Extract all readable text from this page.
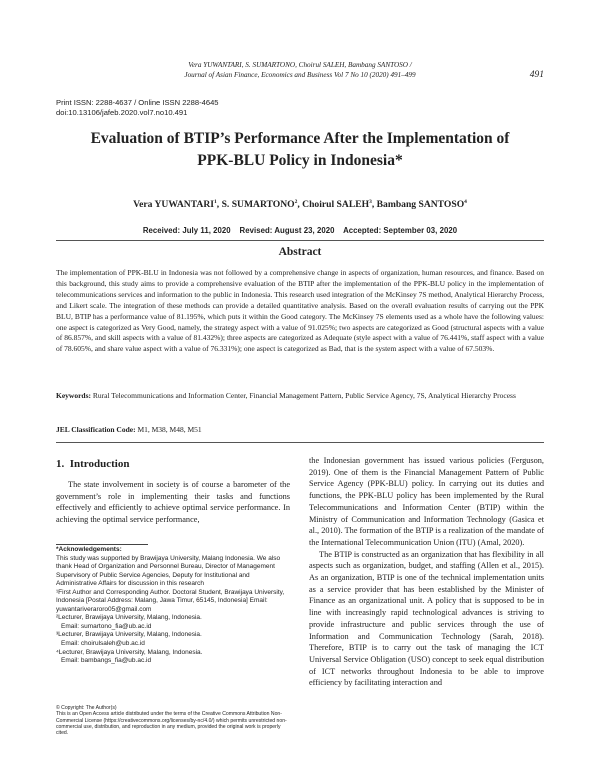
Vera YUWANTARI, S. SUMARTONO, Choirul SALEH, Bambang SANTOSO /
Journal of Asian Finance, Economics and Business Vol 7 No 10 (2020) 491–499	491
Print ISSN: 2288-4637 / Online ISSN 2288-4645
doi:10.13106/jafeb.2020.vol7.no10.491
Evaluation of BTIP’s Performance After the Implementation of
PPK-BLU Policy in Indonesia*
Vera YUWANTARI$^1$, S. SUMARTONO$^2$, Choirul SALEH$^3$, Bambang SANTOSO$^4$
Received: July 11, 2020    Revised: August 23, 2020    Accepted: September 03, 2020
Abstract
The implementation of PPK-BLU in Indonesia was not followed by a comprehensive change in aspects of organization, human resources, and finance. Based on this background, this study aims to provide a comprehensive evaluation of the BTIP after the implementation of the PPK-BLU policy in the implementation of telecommunications services and information to the public in Indonesia. This research used integration of the McKinsey 7S method, Analytical Hierarchy Process, and Likert scale. The integration of these methods can provide a detailed quantitative analysis. Based on the overall evaluation results of carrying out the PPK BLU, BTIP has a performance value of 81.195%, which puts it within the Good category. The McKinsey 7S elements used as a whole have the following values: one aspect is categorized as Very Good, namely, the strategy aspect with a value of 91.025%; two aspects are categorized as Good (structural aspects with a value of 86.857%, and skill aspects with a value of 81.432%); three aspects are categorized as Adequate (style aspect with a value of 76.441%, staff aspect with a value of 78.605%, and share value aspect with a value of 76.331%); one aspect is categorized as Bad, that is the system aspect with a value of 67.503%.
Keywords: Rural Telecommunications and Information Center, Financial Management Pattern, Public Service Agency, 7S, Analytical Hierarchy Process
JEL Classification Code: M1, M38, M48, M51
1.  Introduction
The state involvement in society is of course a barometer of the government’s role in implementing their tasks and functions effectively and efficiently to achieve optimal service performance. In achieving the optimal service performance,
*Acknowledgements:
This study was supported by Brawijaya University, Malang Indonesia. We also thank Head of Organization and Personnel Bureau, Director of Management Supervisory of Public Service Agencies, Deputy for Institutional and Administrative Affairs for discussion in this research
¹First Author and Corresponding Author. Doctoral Student, Brawijaya University, Indonesia [Postal Address: Malang, Jawa Timur, 65145, Indonesia] Email: yuwantariveraroro05@gmail.com
²Lecturer, Brawijaya University, Malang, Indonesia.
Email: sumartono_fia@ub.ac.id
³Lecturer, Brawijaya University, Malang, Indonesia.
Email: choirulsaleh@ub.ac.id
⁴Lecturer, Brawijaya University, Malang, Indonesia.
Email: bambangs_fia@ub.ac.id
© Copyright: The Author(s)
This is an Open Access article distributed under the terms of the Creative Commons Attribution Non-Commercial License (https://creativecommons.org/licenses/by-nc/4.0/) which permits unrestricted non-commercial use, distribution, and reproduction in any medium, provided the original work is properly cited.

the Indonesian government has issued various policies (Ferguson, 2019). One of them is the Financial Management Pattern of Public Service Agency (PPK-BLU) policy. In carrying out its duties and functions, the PPK-BLU policy has been implemented by the Rural Telecommunications and Information Center (BTIP) within the Ministry of Communication and Information Technology (Gasica et al., 2010). The formation of the BTIP is a realization of the mandate of the International Telecommunication Union (ITU) (Amal, 2020).

The BTIP is constructed as an organization that has flexibility in all aspects such as organization, budget, and staffing (Allen et al., 2015). As an organization, BTIP is one of the technical implementation units as a service provider that has been established by the Minister of Finance as an organizational unit. A policy that is supposed to be in line with increasingly rapid technological advances is striving to provide infrastructure and public services through the use of Information and Communication Technology (Sarah, 2018). Therefore, BTIP is to carry out the task of managing the ICT Universal Service Obligation (USO) concept to seek equal distribution of ICT networks throughout Indonesia to be able to improve efficiency by facilitating interaction and
